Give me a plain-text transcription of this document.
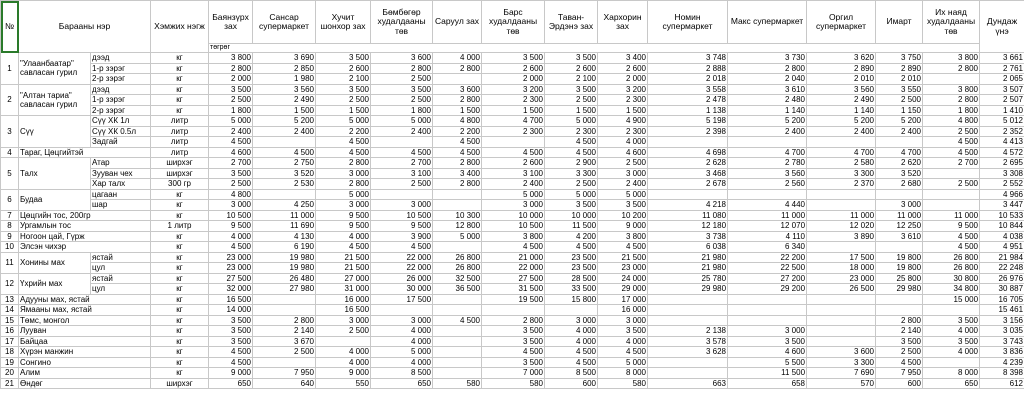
№	Барааны нэр		Хэмжих нэгж	Баянзүрх зах	Сансар супермаркет	Хучит шонхор зах	Бөмбөгөр худалдааны төв	Саруул зах	Барс худалдааны төв	Таван-Эрдэнэ зах	Хархорин зах	Номин супермаркет	Макс супермаркет	Оргил супермаркет	Имарт	Их наяд худалдааны төв	Дундаж үнэ
				төгрөг													
1	"Улаанбаатар" савласан гурил	дээд	кг	3 800	3 690	3 500	3 600	4 000	3 500	3 500	3 400	3 748	3 730	3 620	3 750	3 800	3 661
		1-р зэрэг	кг	2 800	2 850	2 600	2 800	2 800	2 600	2 600	2 600	2 888	2 800	2 890	2 890	2 800	2 761
		2-р зэрэг	кг	2 000	1 980	2 100	2 500		2 000	2 100	2 000	2 018	2 040	2 010	2 010		2 065
2	"Алтан тариа" савласан гурил	дээд	кг	3 500	3 560	3 500	3 500	3 600	3 200	3 500	3 200	3 558	3 610	3 560	3 550	3 800	3 507
		1-р зэрэг	кг	2 500	2 490	2 500	2 500	2 800	2 300	2 500	2 300	2 478	2 480	2 490	2 500	2 800	2 507
		2-р зэрэг	кг	1 800	1 500	1 500	1 800	1 500	1 500	1 500	1 500	1 138	1 140	1 140	1 150	1 800	1 410
3	Сүү	Сүү ХК 1л	литр	5 000	5 200	5 000	5 000	4 800	4 700	5 000	4 900	5 198	5 200	5 200	5 200	4 800	5 012
		Сүү ХК 0.5л	литр	2 400	2 400	2 200	2 400	2 200	2 300	2 300	2 300	2 398	2 400	2 400	2 400	2 500	2 352
		Задгай	литр	4 500		4 500		4 500		4 500	4 000					4 500	4 413
4	Тараг, Цөцгийтэй		литр	4 600	4 500	4 500	4 500	4 500	4 500	4 500	4 600	4 698	4 700	4 700	4 700	4 500	4 572
5	Талх	Атар	ширхэг	2 700	2 750	2 800	2 700	2 800	2 600	2 900	2 500	2 628	2 780	2 580	2 620	2 700	2 695
		Зууван чех	ширхэг	3 500	3 520	3 000	3 100	3 400	3 100	3 300	3 000	3 468	3 560	3 300	3 520		3 308
		Хар талх	300 гр	2 500	2 530	2 800	2 500	2 800	2 400	2 500	2 400	2 678	2 560	2 370	2 680	2 500	2 552
6	Будаа	цагаан	кг	4 800		5 000			5 000	5 000	5 000						4 966
		шар	кг	3 000	4 250	3 000	3 000		3 000	3 500	3 500	4 218	4 440		3 000		3 447
7	Цөцгийн тос, 200гр		кг	10 500	11 000	9 500	10 500	10 300	10 000	10 000	10 200	11 080	11 000	11 000	11 000	11 000	10 533
8	Ургамлын тос		1 литр	9 500	11 690	9 500	9 500	12 800	10 500	11 500	9 000	12 180	12 070	12 020	12 250	9 500	10 844
9	Ногоон цай, Гүрж		кг	4 000	4 130	4 000	3 900	5 000	3 800	4 200	3 800	3 738	4 110	3 890	3 610	4 500	4 038
10	Элсэн чихэр		кг	4 500	6 190	4 500	4 500		4 500	4 500	4 500	6 038	6 340			4 500	4 951
11	Хонины мах	ястай	кг	23 000	19 980	21 500	22 000	26 800	21 000	23 500	21 500	21 980	22 200	17 500	19 800	26 800	21 984
		цул	кг	23 000	19 980	21 500	22 000	26 800	22 000	23 500	23 000	21 980	22 500	18 000	19 800	26 800	22 248
12	Үхрийн мах	ястай	кг	27 500	26 480	27 000	26 000	32 500	27 500	28 500	24 000	25 780	27 200	23 000	25 800	30 800	26 976
		цул	кг	32 000	27 980	31 000	30 000	36 500	31 500	33 500	29 000	29 980	29 200	26 500	29 980	34 800	30 887
13	Адууны мах, ястай		кг	16 500		16 000	17 500		19 500	15 800	17 000					15 000	16 705
14	Ямааны мах, ястай		кг	14 000		16 500					16 000						15 461
15	Төмс, монгол		кг	3 500	2 800	3 000	3 000	4 500	2 800	3 000	3 000				2 800	3 500	3 156
16	Лууван		кг	3 500	2 140	2 500	4 000		3 500	4 000	3 500	2 138	3 000		2 140	4 000	3 035
17	Байцаа		кг	3 500	3 670		4 000		3 500	4 000	4 000	3 578	3 500		3 500	3 500	3 743
18	Хүрэн манжин		кг	4 500	2 500	4 000	5 000		4 500	4 500	4 500	3 628	4 600	3 600	2 500	4 000	3 836
19	Сонгино		кг	4 500		4 000	4 000		3 500	4 500	5 000		5 500	3 300	4 500		4 239
20	Алим		кг	9 000	7 950	9 000	8 500		7 000	8 500	8 000		11 500	7 690	7 950	8 000	8 398
21	Өндөг		ширхэг	650	640	550	650	580	580	600	580	663	658	570	600	650	612
